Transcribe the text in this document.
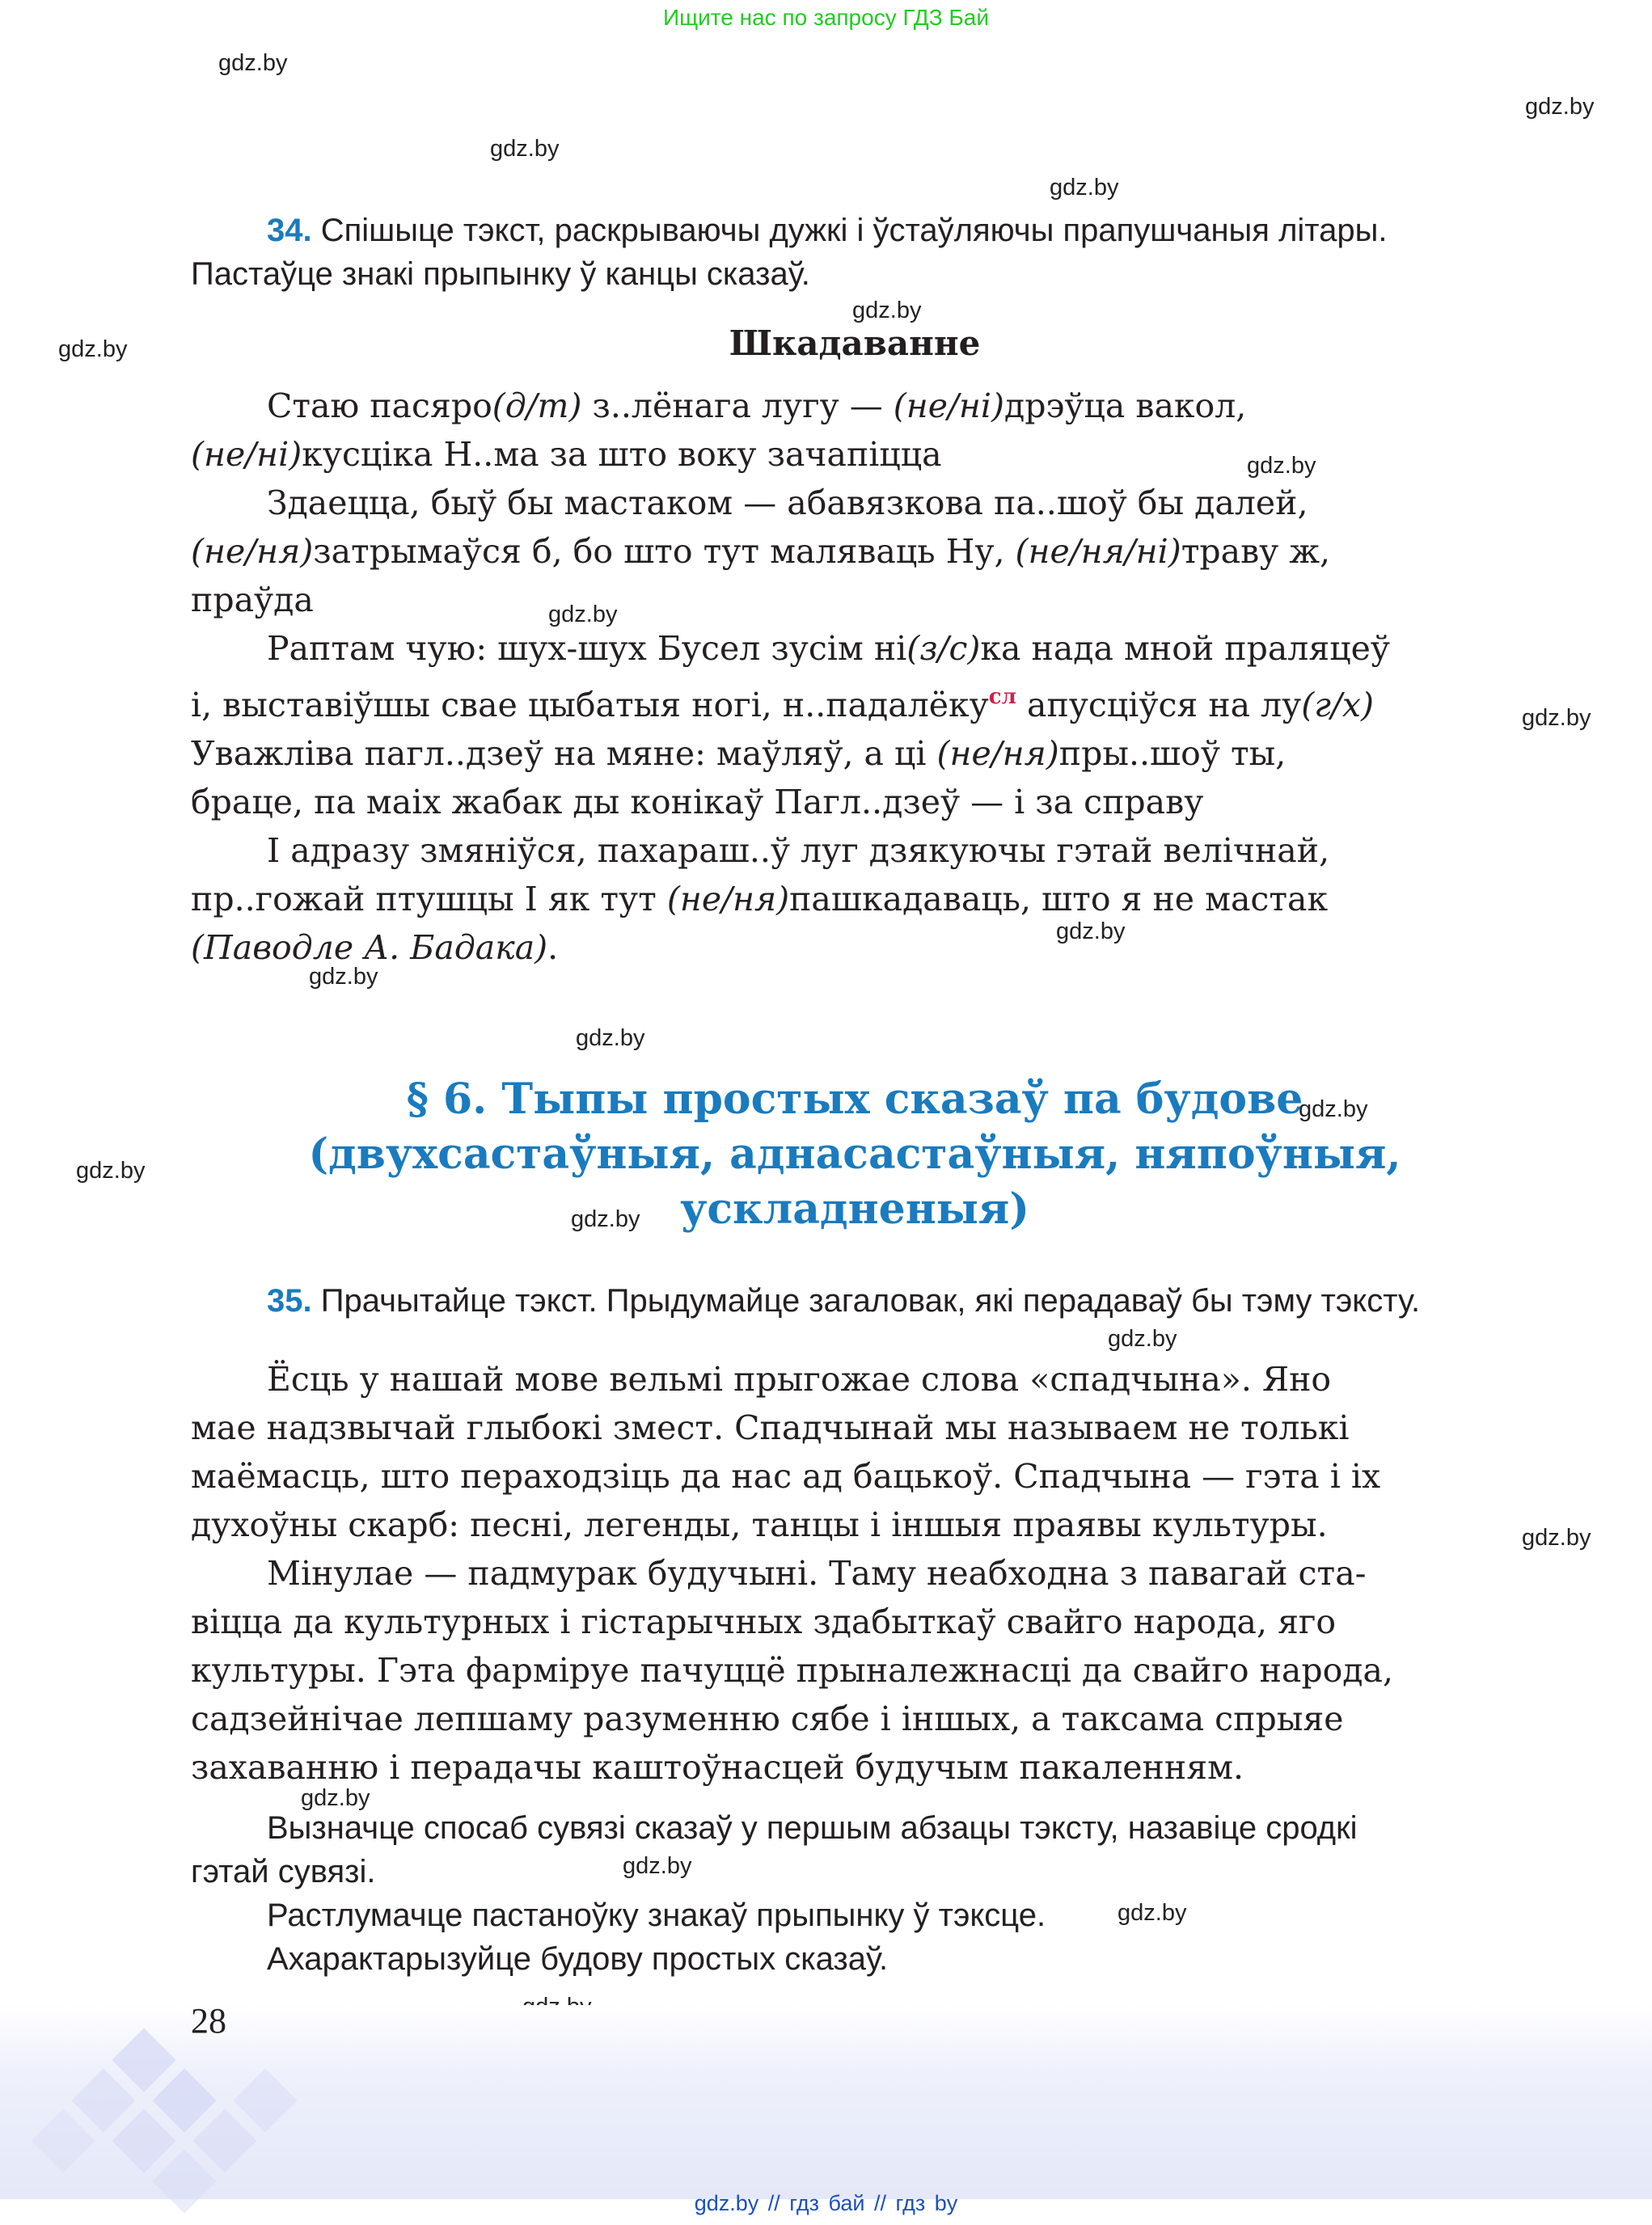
Ищите нас по запросу ГДЗ Бай
gdz.by
gdz.by
gdz.by
gdz.by
gdz.by
gdz.by
gdz.by
gdz.by
gdz.by
gdz.by
gdz.by
gdz.by
gdz.by
gdz.by
gdz.by
gdz.by
gdz.by
gdz.by
gdz.by
gdz.by
34. Спішыце тэкст, раскрываючы дужкі і ўстаўляючы прапушчаныя літары.
Пастаўце знакі прыпынку ў канцы сказаў.
Шкадаванне
Стаю пасяро(д/т) з..лёнага лугу — (не/ні)дрэўца вакол,
(не/ні)кусціка Н..ма за што воку зачапіцца
Здаецца, быў бы мастаком — абавязкова па..шоў бы далей,
(не/ня)затрымаўся б, бо што тут маляваць Ну, (не/ня/ні)траву ж,
праўда
Раптам чую: шух-шух Бусел зусім ні(з/с)ка нада мной праляцеў
і, выставіўшы свае цыбатыя ногі, н..падалёку$^{сл}$ апусціўся на лу(г/х)
Уважліва пагл..дзеў на мяне: маўляў, а ці (не/ня)пры..шоў ты,
браце, па маіх жабак ды конікаў Пагл..дзеў — і за справу
І адразу змяніўся, пахараш..ў луг дзякуючы гэтай велічнай,
пр..гожай птушцы І як тут (не/ня)пашкадаваць, што я не мастак
(Паводле А. Бадака).
§ 6. Тыпы простых сказаў па будове
(двухсастаўныя, аднасастаўныя, няпоўныя,
ускладненыя)
35. Прачытайце тэкст. Прыдумайце загаловак, які перадаваў бы тэму тэксту.
Ёсць у нашай мове вельмі прыгожае слова «спадчына». Яно
мае надзвычай глыбокі змест. Спадчынай мы называем не толькі
маёмасць, што пераходзіць да нас ад бацькоў. Спадчына — гэта і іх
духоўны скарб: песні, легенды, танцы і іншыя праявы культуры.
Мінулае — падмурак будучыні. Таму неабходна з павагай ста-
віцца да культурных і гістарычных здабыткаў свайго народа, яго
культуры. Гэта фарміруе пачуццё прыналежнасці да свайго народа,
садзейнічае лепшаму разуменню сябе і іншых, а таксама спрыяе
захаванню і перадачы каштоўнасцей будучым пакаленням.
Вызначце спосаб сувязі сказаў у першым абзацы тэксту, назавіце сродкі
гэтай сувязі.
Растлумачце пастаноўку знакаў прыпынку ў тэксце.
Ахарактарызуйце будову простых сказаў.
28
gdz.by // гдз бай // гдз by
